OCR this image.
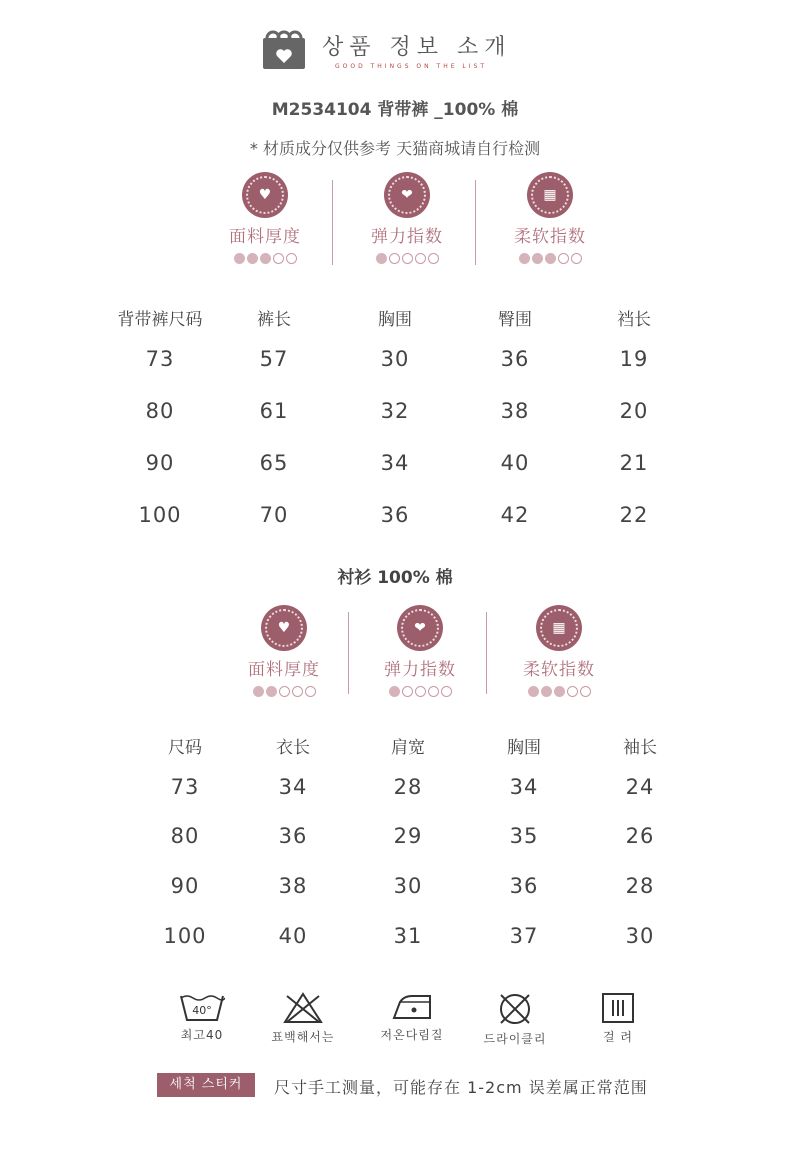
상품 정보 소개
GOOD THINGS ON THE LIST
M2534104 背带裤 _100% 棉
* 材质成分仅供参考 天猫商城请自行检测
♥
面料厚度
❤
弹力指数
▦
柔软指数
背带裤尺码	裤长	胸围	臀围	裆长
73	57	30	36	19
80	61	32	38	20
90	65	34	40	21
100	70	36	42	22
衬衫 100% 棉
♥
面料厚度
❤
弹力指数
▦
柔软指数
尺码	衣长	肩宽	胸围	袖长
73	34	28	34	24
80	36	29	35	26
90	38	30	36	28
100	40	31	37	30
40°
최고40	표백해서는	저온다림질	드라이클리	걸 려
세척 스티커	尺寸手工测量，可能存在 1-2cm 误差属正常范围
